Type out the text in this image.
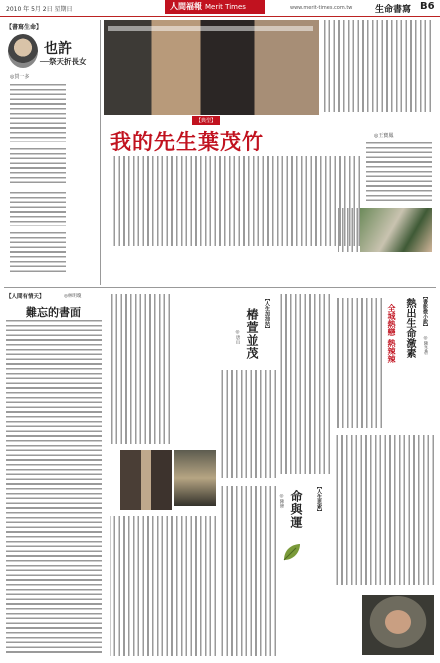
2010 年 5月 2日 星期日	人間福報 Merit Times	www.merit-times.com.tw	生命書寫 B6
【書寫生命】
也許
──祭天折長女
◎賀一多
【典型】
我的先生葉茂竹	◎王寶鳳
【人間有情天】	◎林明瓊
難忘的書面	【人生加油站】
椿萱並茂
◎唐山
【書影微小說】
◎陳冬蒼
熱出生命激素
全城熱戀 熱辣辣
【人生思索】
命與運
◎陳修
